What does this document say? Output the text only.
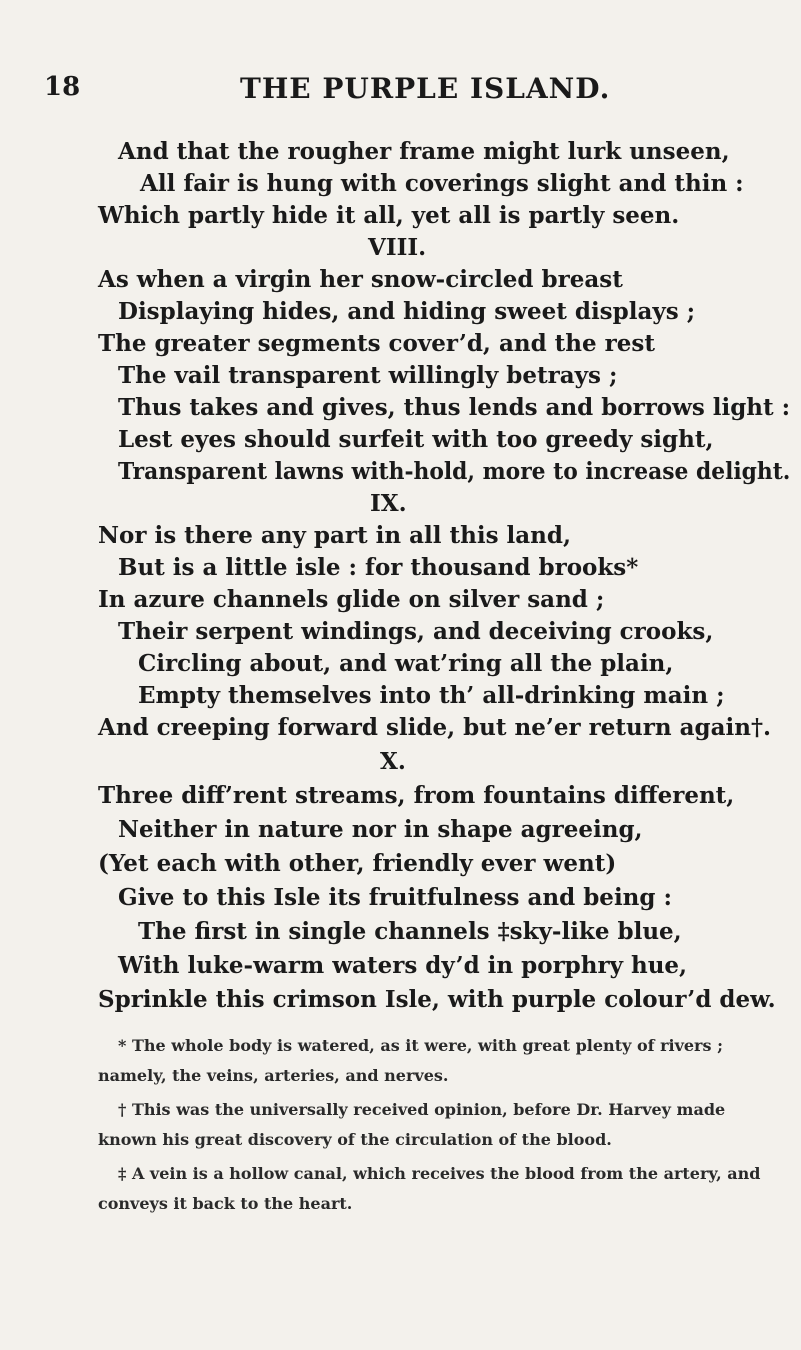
18	THE PURPLE ISLAND.
And that the rougher frame might lurk unseen,
All fair is hung with coverings slight and thin :
Which partly hide it all, yet all is partly seen.
VIII.
As when a virgin her snow-circled breast
Displaying hides, and hiding sweet displays ;
The greater segments cover’d, and the rest
The vail transparent willingly betrays ;
Thus takes and gives, thus lends and borrows light :
Lest eyes should surfeit with too greedy sight,
Transparent lawns with-hold, more to increase delight.
IX.
Nor is there any part in all this land,
But is a little isle : for thousand brooks*
In azure channels glide on silver sand ;
Their serpent windings, and deceiving crooks,
Circling about, and wat’ring all the plain,
Empty themselves into th’ all-drinking main ;
And creeping forward slide, but ne’er return again†.
X.
Three diff’rent streams, from fountains different,
Neither in nature nor in shape agreeing,
(Yet each with other, friendly ever went)
Give to this Isle its fruitfulness and being :
The first in single channels ‡sky-like blue,
With luke-warm waters dy’d in porphry hue,
Sprinkle this crimson Isle, with purple colour’d dew.
* The whole body is watered, as it were, with great plenty of rivers ;
namely, the veins, arteries, and nerves.
† This was the universally received opinion, before Dr. Harvey made
known his great discovery of the circulation of the blood.
‡ A vein is a hollow canal, which receives the blood from the artery, and
conveys it back to the heart.
